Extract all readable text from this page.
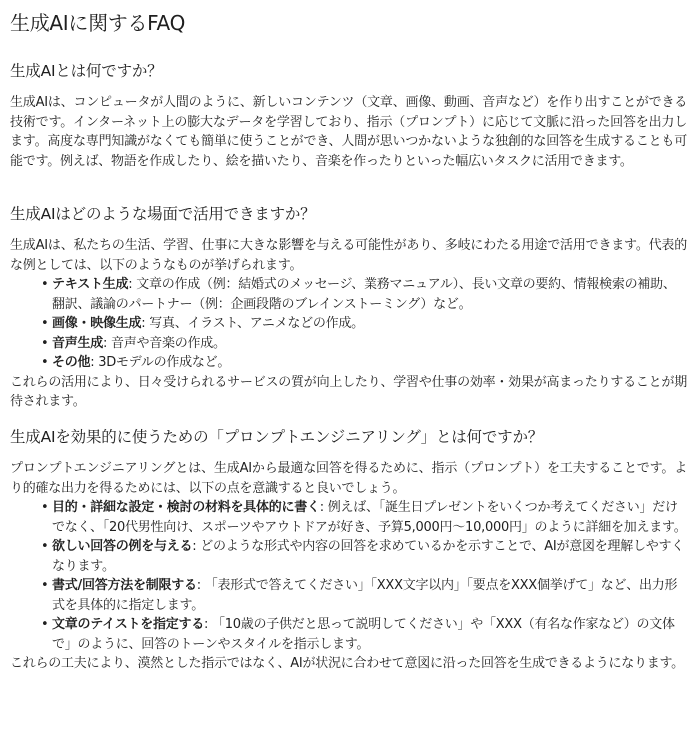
生成AIに関するFAQ
生成AIとは何ですか？

生成AIは、コンピュータが人間のように、新しいコンテンツ（文章、画像、動画、音声など）を作り出すことができる技術です。インターネット上の膨大なデータを学習しており、指示（プロンプト）に応じて文脈に沿った回答を出力します。高度な専門知識がなくても簡単に使うことができ、人間が思いつかないような独創的な回答を生成することも可能です。例えば、物語を作成したり、絵を描いたり、音楽を作ったりといった幅広いタスクに活用できます。

生成AIはどのような場面で活用できますか？

生成AIは、私たちの生活、学習、仕事に大きな影響を与える可能性があり、多岐にわたる用途で活用できます。代表的な例としては、以下のようなものが挙げられます。

• テキスト生成: 文章の作成（例：結婚式のメッセージ、業務マニュアル）、長い文章の要約、情報検索の補助、翻訳、議論のパートナー（例：企画段階のブレインストーミング）など。
• 画像・映像生成: 写真、イラスト、アニメなどの作成。
• 音声生成: 音声や音楽の作成。
• その他: 3Dモデルの作成など。

これらの活用により、日々受けられるサービスの質が向上したり、学習や仕事の効率・効果が高まったりすることが期待されます。

生成AIを効果的に使うための「プロンプトエンジニアリング」とは何ですか？

プロンプトエンジニアリングとは、生成AIから最適な回答を得るために、指示（プロンプト）を工夫することです。より的確な出力を得るためには、以下の点を意識すると良いでしょう。

• 目的・詳細な設定・検討の材料を具体的に書く: 例えば、「誕生日プレゼントをいくつか考えてください」だけでなく、「20代男性向け、スポーツやアウトドアが好き、予算5,000円〜10,000円」のように詳細を加えます。
• 欲しい回答の例を与える: どのような形式や内容の回答を求めているかを示すことで、AIが意図を理解しやすくなります。
• 書式/回答方法を制限する: 「表形式で答えてください」「XXX文字以内」「要点をXXX個挙げて」など、出力形式を具体的に指定します。
• 文章のテイストを指定する: 「10歳の子供だと思って説明してください」や「XXX（有名な作家など）の文体で」のように、回答のトーンやスタイルを指示します。

これらの工夫により、漠然とした指示ではなく、AIが状況に合わせて意図に沿った回答を生成できるようになります。
